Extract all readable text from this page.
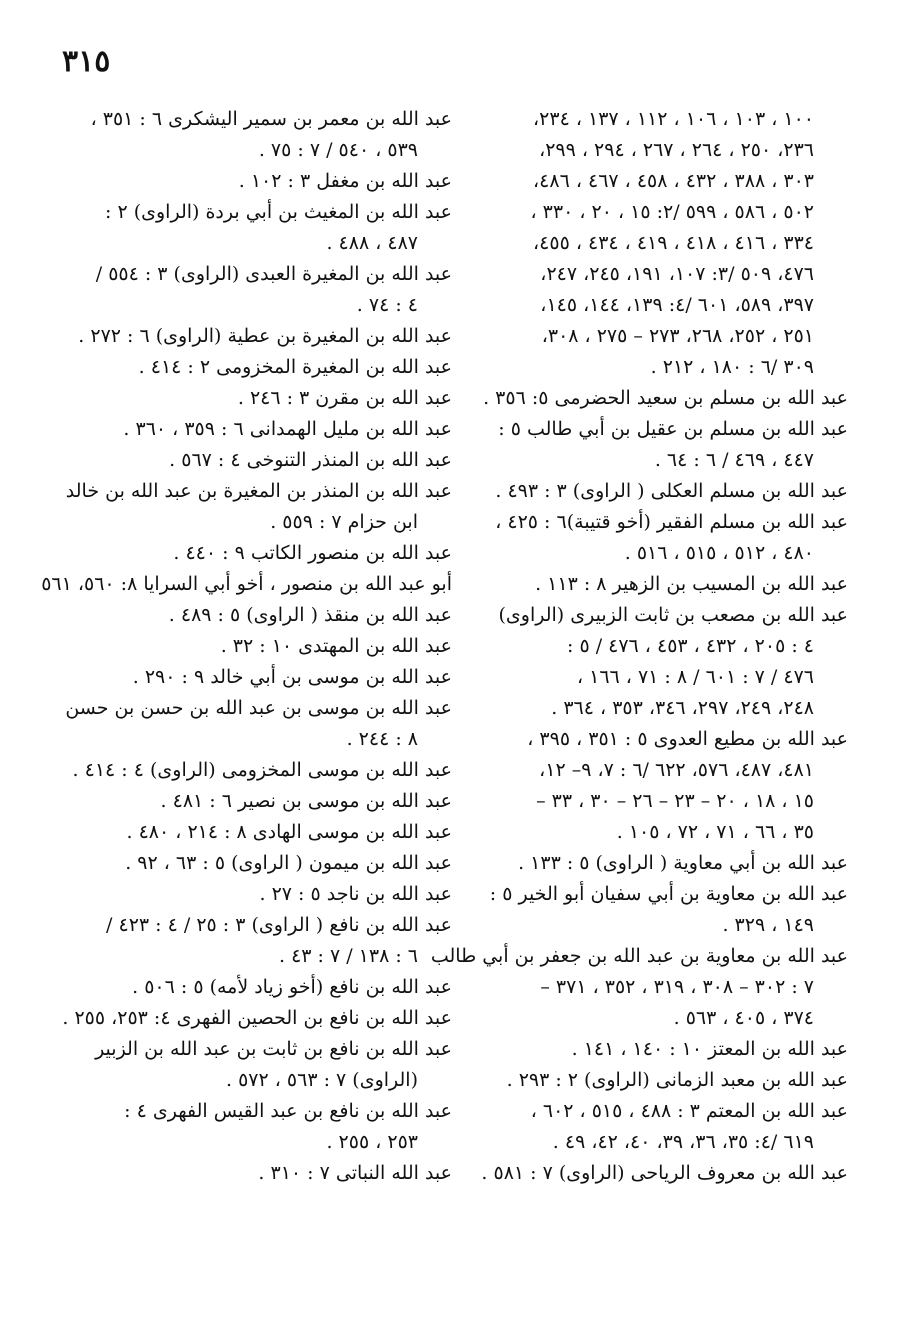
٣١٥
١٠٠ ، ١٠٣ ، ١٠٦ ، ١١٢ ، ١٣٧ ، ٢٣٤،
٢٣٦، ٢٥٠ ، ٢٦٤ ، ٢٦٧ ، ٢٩٤ ، ٢٩٩،
٣٠٣ ، ٣٨٨ ، ٤٣٢ ، ٤٥٨ ، ٤٦٧ ، ٤٨٦،
٥٠٢ ، ٥٨٦ ، ٥٩٩ /٢: ١٥ ، ٢٠ ، ٣٣٠ ،
٣٣٤ ، ٤١٦ ، ٤١٨ ، ٤١٩ ، ٤٣٤ ، ٤٥٥،
٤٧٦، ٥٠٩ /٣: ١٠٧، ١٩١، ٢٤٥، ٢٤٧،
٣٩٧، ٥٨٩، ٦٠١ /٤: ١٣٩، ١٤٤، ١٤٥،
٢٥١ ، ٢٥٢، ٢٦٨، ٢٧٣ – ٢٧٥ ، ٣٠٨،
٣٠٩ /٦ : ١٨٠ ، ٢١٢ .
عبد الله بن مسلم بن سعيد الحضرمى ٥: ٣٥٦ .
عبد الله بن مسلم بن عقيل بن أبي طالب ٥ :
٤٤٧ ، ٤٦٩ / ٦ : ٦٤ .
عبد الله بن مسلم العكلى ( الراوى) ٣ : ٤٩٣ .
عبد الله بن مسلم الفقير (أخو قتيبة)٦ : ٤٢٥ ،
٤٨٠ ، ٥١٢ ، ٥١٥ ، ٥١٦ .
عبد الله بن المسيب بن الزهير ٨ : ١١٣ .
عبد الله بن مصعب بن ثابت الزبيرى (الراوى)
٤ : ٢٠٥ ، ٤٣٢ ، ٤٥٣ ، ٤٧٦ / ٥ :
٤٧٦ / ٧ : ٦٠١ / ٨ : ٧١ ، ١٦٦ ،
٢٤٨، ٢٤٩، ٢٩٧، ٣٤٦، ٣٥٣ ، ٣٦٤ .
عبد الله بن مطيع العدوى ٥ : ٣٥١ ، ٣٩٥ ،
٤٨١، ٤٨٧، ٥٧٦، ٦٢٢ /٦ : ٧، ٩– ١٢،
١٥ ، ١٨ ، ٢٠ – ٢٣ – ٢٦ – ٣٠ ، ٣٣ –
٣٥ ، ٦٦ ، ٧١ ، ٧٢ ، ١٠٥ .
عبد الله بن أبي معاوية ( الراوى) ٥ : ١٣٣ .
عبد الله بن معاوية بن أبي سفيان أبو الخير ٥ :
١٤٩ ، ٣٢٩ .
عبد الله بن معاوية بن عبد الله بن جعفر بن أبي طالب
٧ : ٣٠٢ – ٣٠٨ ، ٣١٩ ، ٣٥٢ ، ٣٧١ –
٣٧٤ ، ٤٠٥ ، ٥٦٣ .
عبد الله بن المعتز ١٠ : ١٤٠ ، ١٤١ .
عبد الله بن معبد الزمانى (الراوى) ٢ : ٢٩٣ .
عبد الله بن المعتم ٣ : ٤٨٨ ، ٥١٥ ، ٦٠٢ ،
٦١٩ /٤: ٣٥، ٣٦، ٣٩، ٤٠، ٤٢، ٤٩ .
عبد الله بن معروف الرياحى (الراوى) ٧ : ٥٨١ .
عبد الله بن معمر بن سمير اليشكرى ٦ : ٣٥١ ،
٥٣٩ ، ٥٤٠ / ٧ : ٧٥ .
عبد الله بن مغفل ٣ : ١٠٢ .
عبد الله بن المغيث بن أبي بردة (الراوى) ٢ :
٤٨٧ ، ٤٨٨ .
عبد الله بن المغيرة العبدى (الراوى) ٣ : ٥٥٤ /
٤ : ٧٤ .
عبد الله بن المغيرة بن عطية (الراوى) ٦ : ٢٧٢ .
عبد الله بن المغيرة المخزومى ٢ : ٤١٤ .
عبد الله بن مقرن ٣ : ٢٤٦ .
عبد الله بن مليل الهمدانى ٦ : ٣٥٩ ، ٣٦٠ .
عبد الله بن المنذر التنوخى ٤ : ٥٦٧ .
عبد الله بن المنذر بن المغيرة بن عبد الله بن خالد
ابن حزام ٧ : ٥٥٩ .
عبد الله بن منصور الكاتب ٩ : ٤٤٠ .
أبو عبد الله بن منصور ، أخو أبي السرايا ٨: ٥٦٠، ٥٦١
عبد الله بن منقذ ( الراوى) ٥ : ٤٨٩ .
عبد الله بن المهتدى ١٠ : ٣٢ .
عبد الله بن موسى بن أبي خالد ٩ : ٢٩٠ .
عبد الله بن موسى بن عبد الله بن حسن بن حسن
٨ : ٢٤٤ .
عبد الله بن موسى المخزومى (الراوى) ٤ : ٤١٤ .
عبد الله بن موسى بن نصير ٦ : ٤٨١ .
عبد الله بن موسى الهادى ٨ : ٢١٤ ، ٤٨٠ .
عبد الله بن ميمون ( الراوى) ٥ : ٦٣ ، ٩٢ .
عبد الله بن ناجد ٥ : ٢٧ .
عبد الله بن نافع ( الراوى) ٣ : ٢٥ / ٤ : ٤٢٣ /
٦ : ١٣٨ / ٧ : ٤٣ .
عبد الله بن نافع (أخو زياد لأمه) ٥ : ٥٠٦ .
عبد الله بن نافع بن الحصين الفهرى ٤: ٢٥٣، ٢٥٥ .
عبد الله بن نافع بن ثابت بن عبد الله بن الزبير
(الراوى) ٧ : ٥٦٣ ، ٥٧٢ .
عبد الله بن نافع بن عبد القيس الفهرى ٤ :
٢٥٣ ، ٢٥٥ .
عبد الله النباتى ٧ : ٣١٠ .
